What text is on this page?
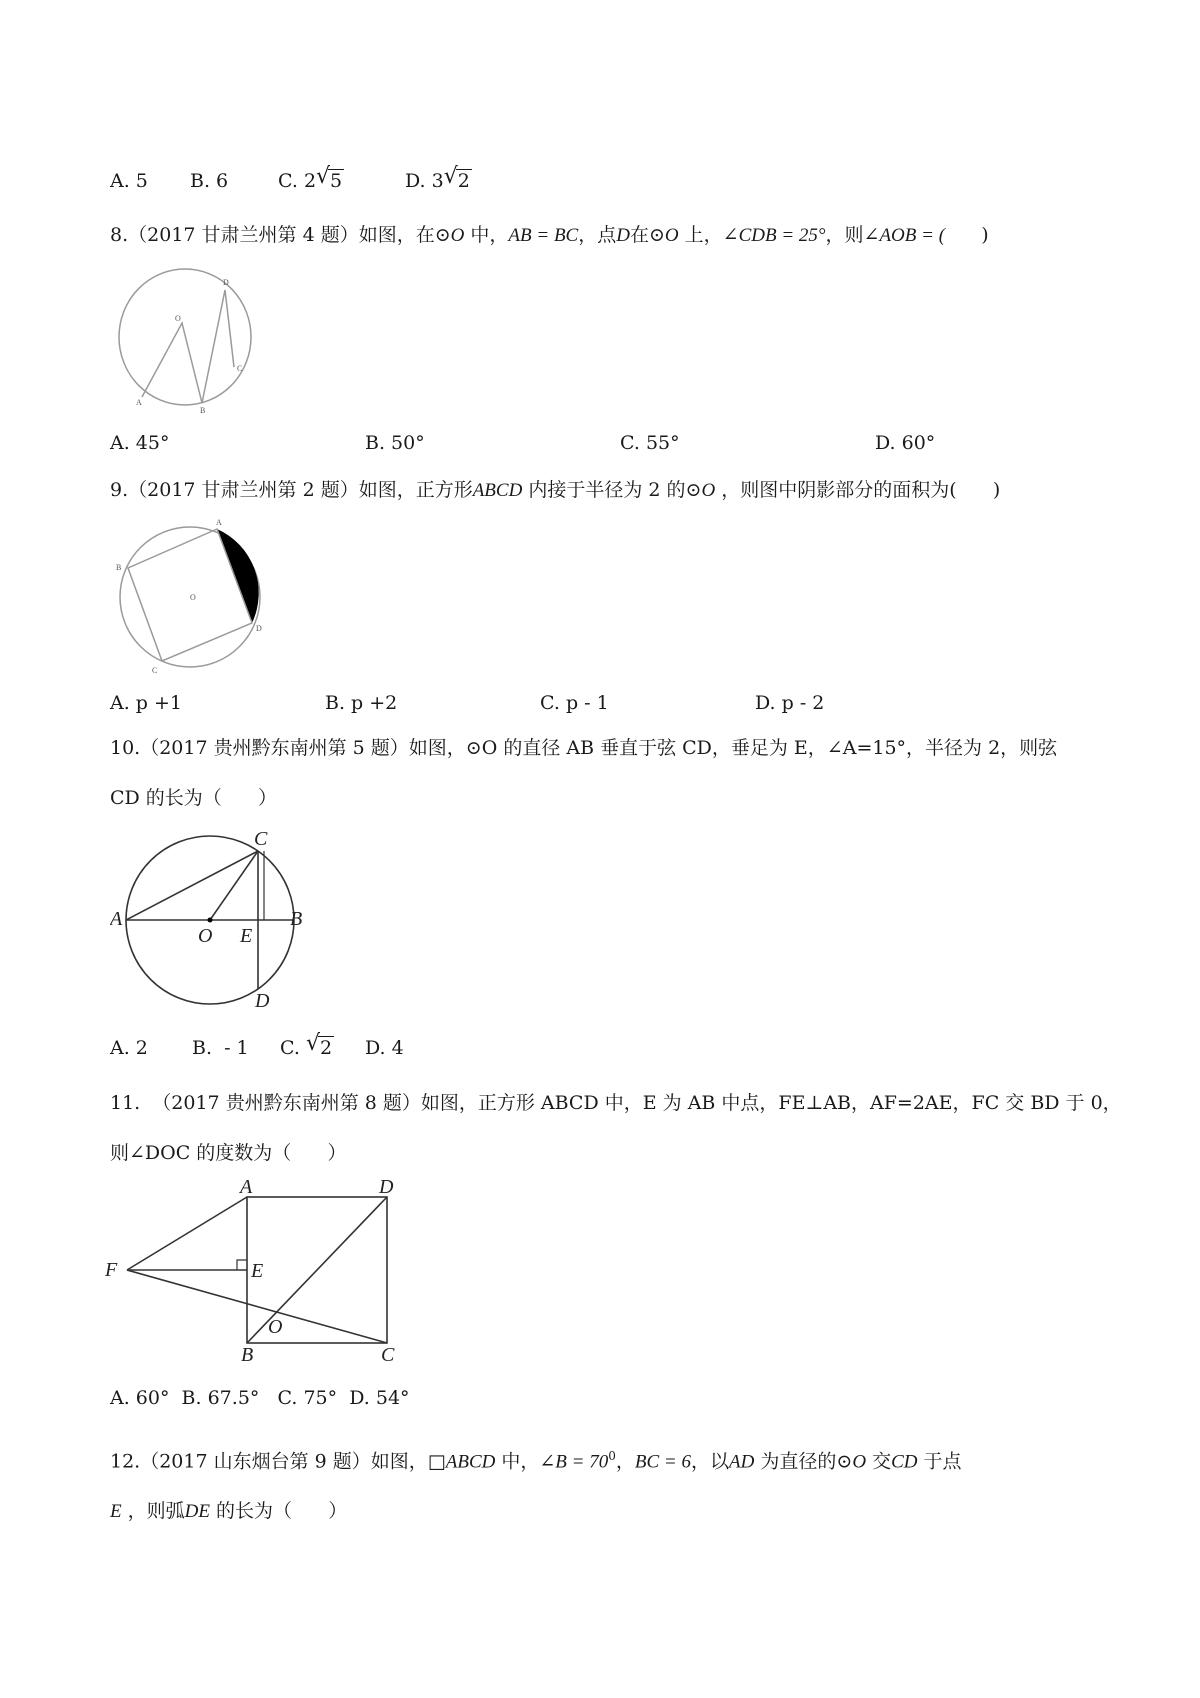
A. 5 B. 6	C. 2 √ 5	D. 3 √ 2
8.（2017 甘肃兰州第 4 题）如图，在⊙O 中，AB = BC，点D在⊙O 上，∠CDB = 25°，则∠AOB = (      )
O
A
B
C
D
A. 45°	B. 50°	C. 55°	D. 60°
9.（2017 甘肃兰州第 2 题）如图，正方形ABCD 内接于半径为 2 的⊙O ，则图中阴影部分的面积为(      )
O
A
B
C
D
A. p +1	B. p +2	C. p - 1	D. p - 2
10.（2017 贵州黔东南州第 5 题）如图，⊙O 的直径 AB 垂直于弦 CD，垂足为 E，∠A=15°，半径为 2，则弦
CD 的长为（      ）
A	B
C
D
O E
A. 2 B.  - 1 C. √ 2 D. 4
11.  （2017 贵州黔东南州第 8 题）如图，正方形 ABCD 中，E 为 AB 中点，FE⊥AB，AF=2AE，FC 交 BD 于 0，
则∠DOC 的度数为（      ）
A	D
F	E
O
B	C
A. 60°  B. 67.5°   C. 75°  D. 54°
12.（2017 山东烟台第 9 题）如图，□ABCD 中，∠B = $70^0$，BC = 6，以AD 为直径的⊙O 交CD 于点
E ，则弧DE 的长为（      ）
